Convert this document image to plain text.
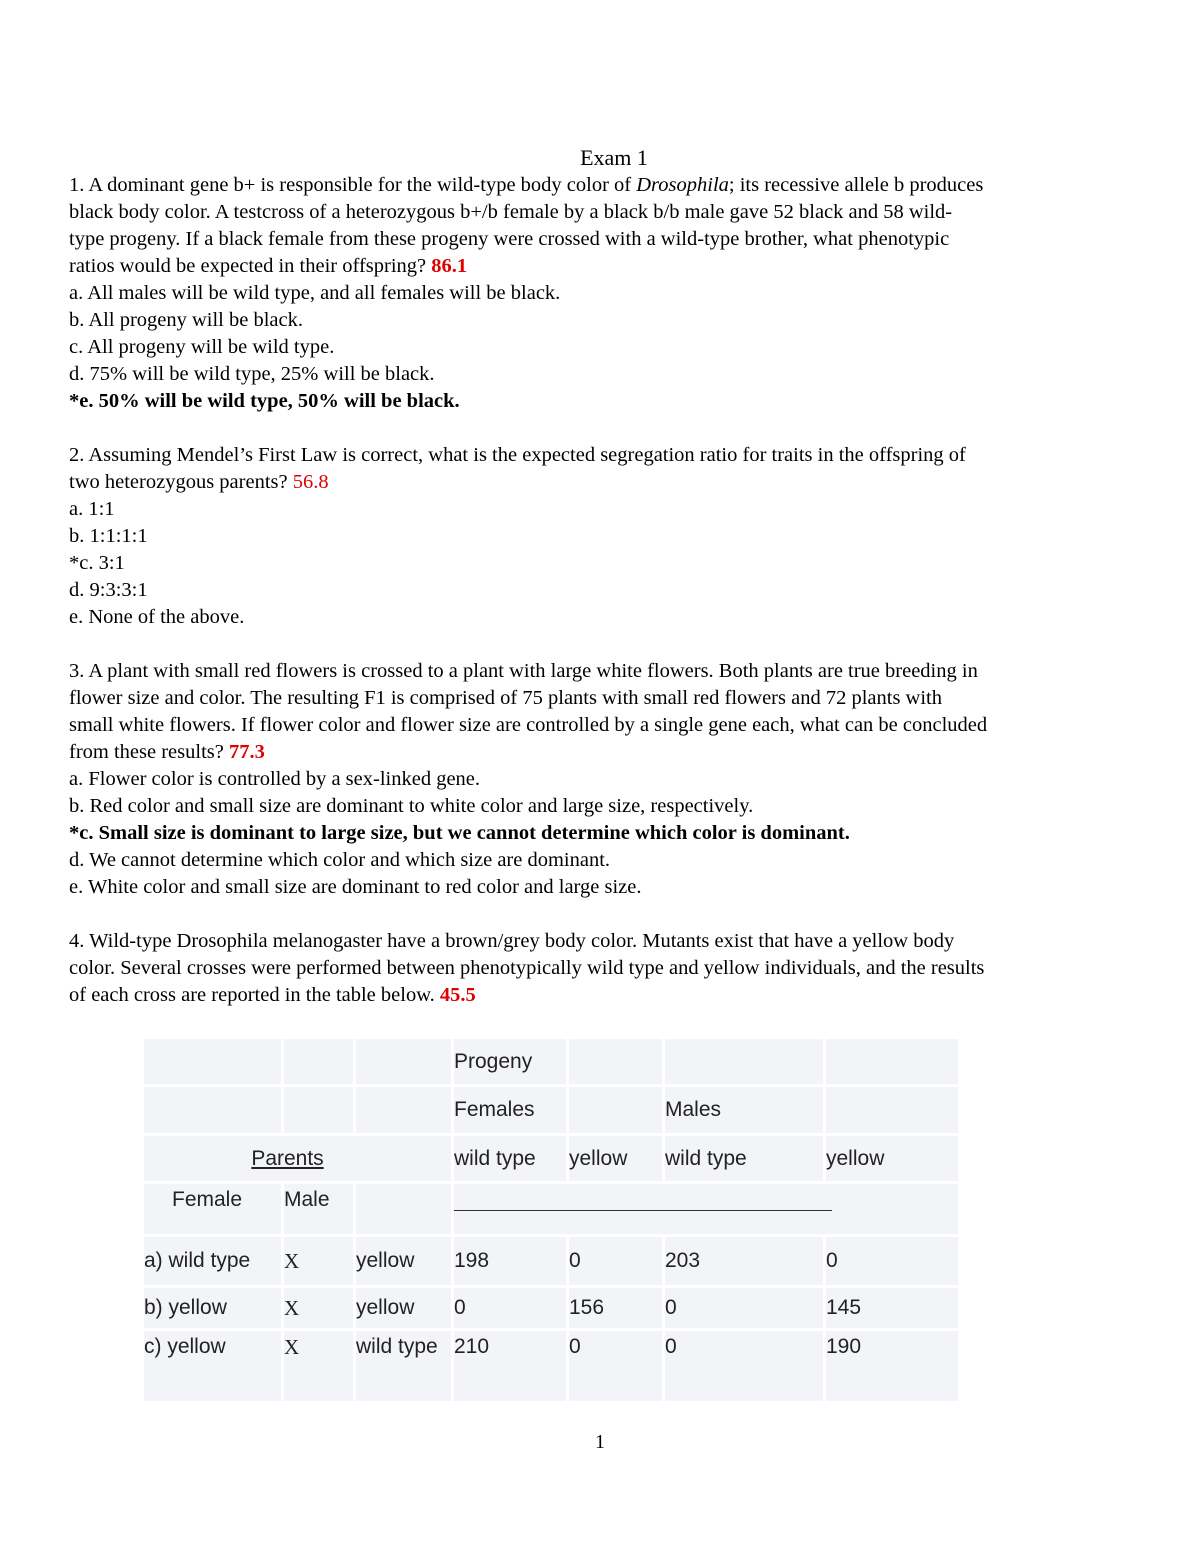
Exam 1
1. A dominant gene b+ is responsible for the wild-type body color of Drosophila; its recessive allele b produces
black body color. A testcross of a heterozygous b+/b female by a black b/b male gave 52 black and 58 wild-
type progeny. If a black female from these progeny were crossed with a wild-type brother, what phenotypic
ratios would be expected in their offspring? 86.1
a. All males will be wild type, and all females will be black.
b. All progeny will be black.
c. All progeny will be wild type.
d. 75% will be wild type, 25% will be black.
*e. 50% will be wild type, 50% will be black.
2. Assuming Mendel’s First Law is correct, what is the expected segregation ratio for traits in the offspring of
two heterozygous parents? 56.8
a. 1:1
b. 1:1:1:1
*c. 3:1
d. 9:3:3:1
e. None of the above.
3. A plant with small red flowers is crossed to a plant with large white flowers. Both plants are true breeding in
flower size and color. The resulting F1 is comprised of 75 plants with small red flowers and 72 plants with
small white flowers. If flower color and flower size are controlled by a single gene each, what can be concluded
from these results? 77.3
a. Flower color is controlled by a sex-linked gene.
b. Red color and small size are dominant to white color and large size, respectively.
*c. Small size is dominant to large size, but we cannot determine which color is dominant.
d. We cannot determine which color and which size are dominant.
e. White color and small size are dominant to red color and large size.
4. Wild-type Drosophila melanogaster have a brown/grey body color. Mutants exist that have a yellow body
color. Several crosses were performed between phenotypically wild type and yellow individuals, and the results
of each cross are reported in the table below. 45.5
			Progeny			
			Females		Males	
Parents			wild type	yellow	wild type	yellow
Female	Male					
a) wild type	X	yellow	198	0	203	0
b) yellow	X	yellow	0	156	0	145
c) yellow	X	wild type	210	0	0	190
1
